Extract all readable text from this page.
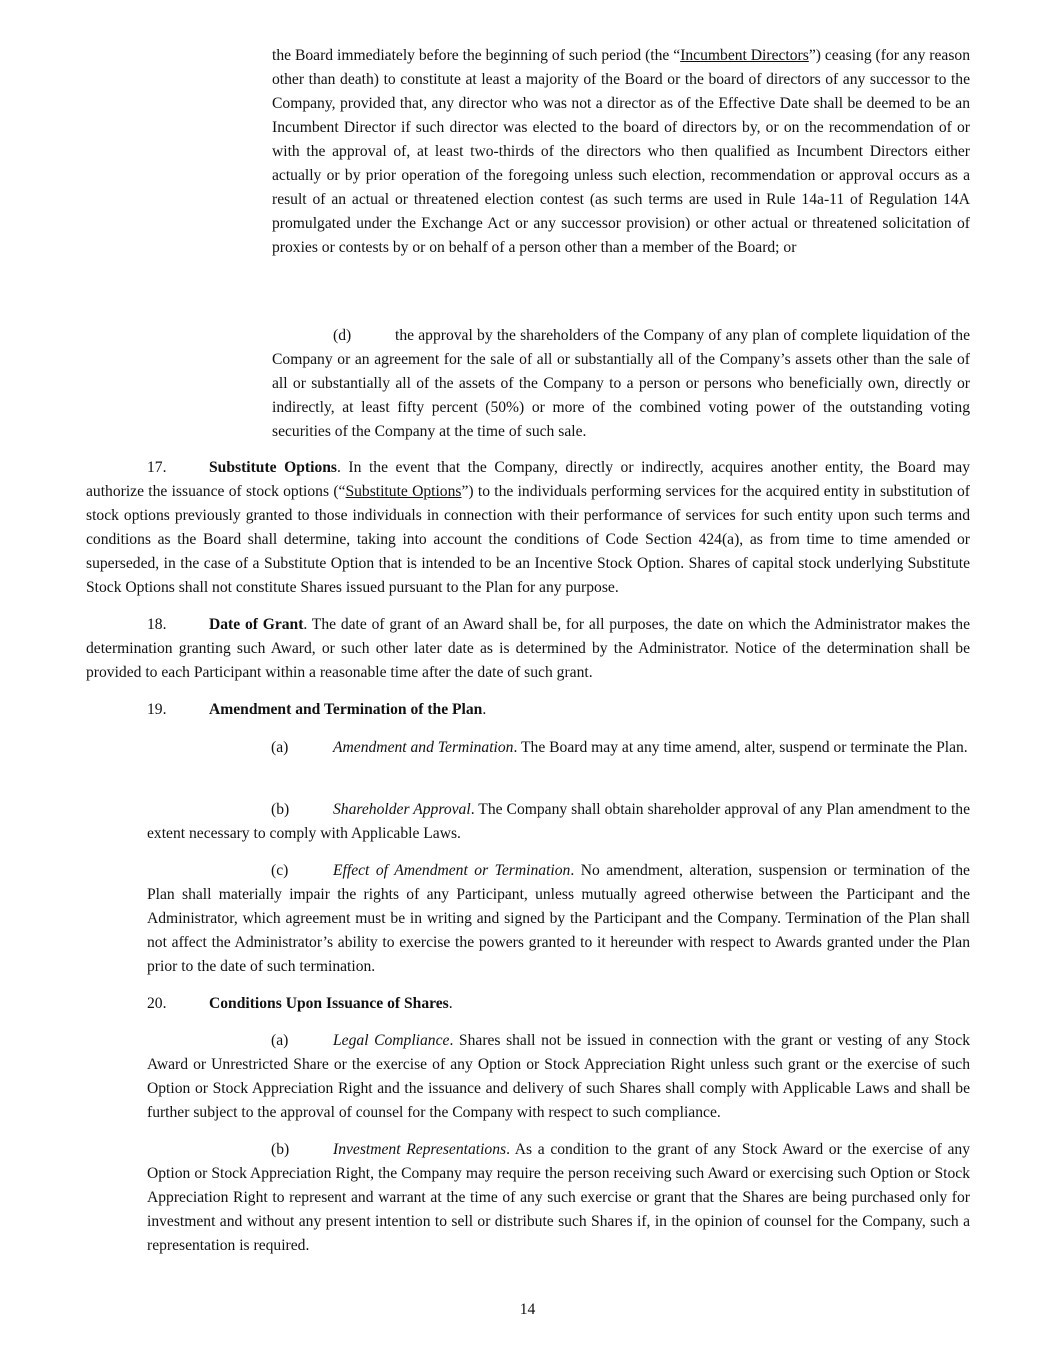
the Board immediately before the beginning of such period (the “Incumbent Directors”) ceasing (for any reason other than death) to constitute at least a majority of the Board or the board of directors of any successor to the Company, provided that, any director who was not a director as of the Effective Date shall be deemed to be an Incumbent Director if such director was elected to the board of directors by, or on the recommendation of or with the approval of, at least two-thirds of the directors who then qualified as Incumbent Directors either actually or by prior operation of the foregoing unless such election, recommendation or approval occurs as a result of an actual or threatened election contest (as such terms are used in Rule 14a-11 of Regulation 14A promulgated under the Exchange Act or any successor provision) or other actual or threatened solicitation of proxies or contests by or on behalf of a person other than a member of the Board; or

(d)	the approval by the shareholders of the Company of any plan of complete liquidation of the Company or an agreement for the sale of all or substantially all of the Company’s assets other than the sale of all or substantially all of the assets of the Company to a person or persons who beneficially own, directly or indirectly, at least fifty percent (50%) or more of the combined voting power of the outstanding voting securities of the Company at the time of such sale.

17.	Substitute Options. In the event that the Company, directly or indirectly, acquires another entity, the Board may authorize the issuance of stock options (“Substitute Options”) to the individuals performing services for the acquired entity in substitution of stock options previously granted to those individuals in connection with their performance of services for such entity upon such terms and conditions as the Board shall determine, taking into account the conditions of Code Section 424(a), as from time to time amended or superseded, in the case of a Substitute Option that is intended to be an Incentive Stock Option. Shares of capital stock underlying Substitute Stock Options shall not constitute Shares issued pursuant to the Plan for any purpose.

18.	Date of Grant. The date of grant of an Award shall be, for all purposes, the date on which the Administrator makes the determination granting such Award, or such other later date as is determined by the Administrator. Notice of the determination shall be provided to each Participant within a reasonable time after the date of such grant.

19.	Amendment and Termination of the Plan.

(a)	Amendment and Termination. The Board may at any time amend, alter, suspend or terminate the Plan.

(b)	Shareholder Approval. The Company shall obtain shareholder approval of any Plan amendment to the extent necessary to comply with Applicable Laws.

(c)	Effect of Amendment or Termination. No amendment, alteration, suspension or termination of the Plan shall materially impair the rights of any Participant, unless mutually agreed otherwise between the Participant and the Administrator, which agreement must be in writing and signed by the Participant and the Company. Termination of the Plan shall not affect the Administrator’s ability to exercise the powers granted to it hereunder with respect to Awards granted under the Plan prior to the date of such termination.

20.	Conditions Upon Issuance of Shares.

(a)	Legal Compliance. Shares shall not be issued in connection with the grant or vesting of any Stock Award or Unrestricted Share or the exercise of any Option or Stock Appreciation Right unless such grant or the exercise of such Option or Stock Appreciation Right and the issuance and delivery of such Shares shall comply with Applicable Laws and shall be further subject to the approval of counsel for the Company with respect to such compliance.

(b)	Investment Representations. As a condition to the grant of any Stock Award or the exercise of any Option or Stock Appreciation Right, the Company may require the person receiving such Award or exercising such Option or Stock Appreciation Right to represent and warrant at the time of any such exercise or grant that the Shares are being purchased only for investment and without any present intention to sell or distribute such Shares if, in the opinion of counsel for the Company, such a representation is required.

14
